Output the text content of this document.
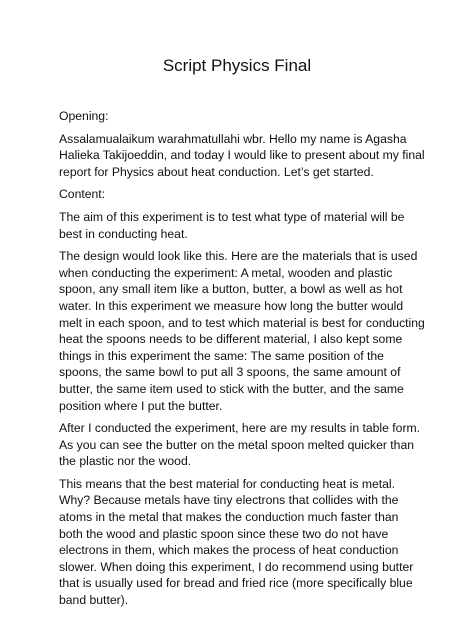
Script Physics Final
Opening:
Assalamualaikum warahmatullahi wbr. Hello my name is Agasha Halieka Takijoeddin, and today I would like to present about my final report for Physics about heat conduction. Let’s get started.
Content:
The aim of this experiment is to test what type of material will be best in conducting heat.
The design would look like this. Here are the materials that is used when conducting the experiment: A metal, wooden and plastic spoon, any small item like a button, butter, a bowl as well as hot water. In this experiment we measure how long the butter would melt in each spoon, and to test which material is best for conducting heat the spoons needs to be different material, I also kept some things in this experiment the same: The same position of the spoons, the same bowl to put all 3 spoons, the same amount of butter, the same item used to stick with the butter, and the same position where I put the butter.
After I conducted the experiment, here are my results in table form. As you can see the butter on the metal spoon melted quicker than the plastic nor the wood.
This means that the best material for conducting heat is metal. Why? Because metals have tiny electrons that collides with the atoms in the metal that makes the conduction much faster than both the wood and plastic spoon since these two do not have electrons in them, which makes the process of heat conduction slower. When doing this experiment, I do recommend using butter that is usually used for bread and fried rice (more specifically blue band butter).
